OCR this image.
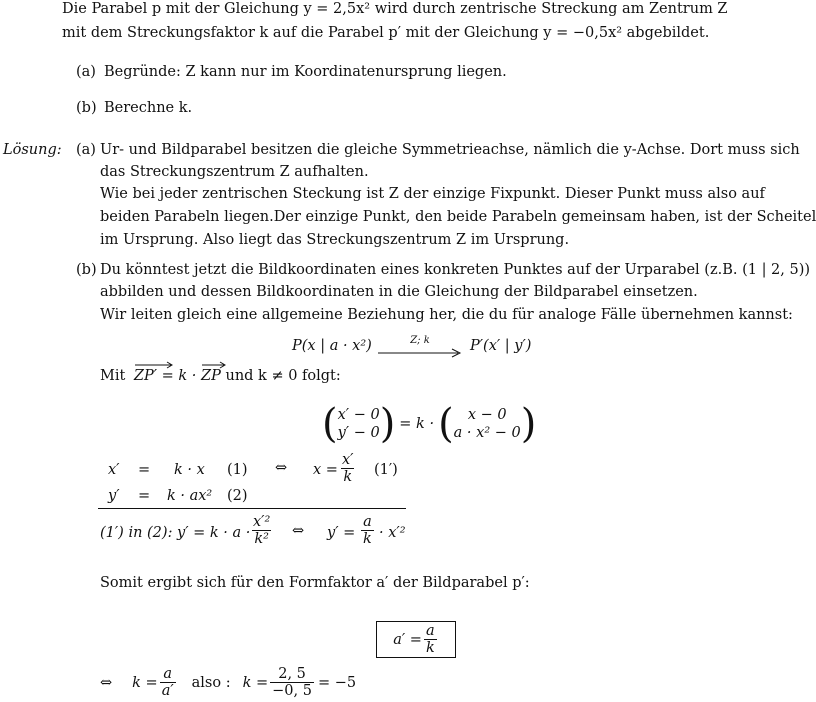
Die Parabel p mit der Gleichung y = 2,5x² wird durch zentrische Streckung am Zentrum Z
mit dem Streckungsfaktor k auf die Parabel p′ mit der Gleichung y = −0,5x² abgebildet.
(a) Begründe: Z kann nur im Koordinatenursprung liegen.
(b) Berechne k.
Lösung: (a) Ur- und Bildparabel besitzen die gleiche Symmetrieachse, nämlich die y-Achse. Dort muss sich
das Streckungszentrum Z aufhalten.
Wie bei jeder zentrischen Steckung ist Z der einzige Fixpunkt. Dieser Punkt muss also auf
beiden Parabeln liegen.Der einzige Punkt, den beide Parabeln gemeinsam haben, ist der Scheitel
im Ursprung. Also liegt das Streckungszentrum Z im Ursprung.
(b) Du könntest jetzt die Bildkoordinaten eines konkreten Punktes auf der Urparabel (z.B. (1 | 2, 5))
abbilden und dessen Bildkoordinaten in die Gleichung der Bildparabel einsetzen.
Wir leiten gleich eine allgemeine Beziehung her, die du für analoge Fälle übernehmen kannst:
P(x | a · x²)	Z; k	P′(x′ | y′)
Mit ZP′ = k · ZP und k ≠ 0 folgt:
( x′ − 0
y′ − 0 ) = k · ( x − 0
a · x² − 0 )
x′ = k · x (1) ⇔ $x = \frac{x'}{k} (1')$
y′ = k · ax² (2)
(1′) in (2): $y' = k \cdot a \cdot \frac{\text{x′²}}{\text{k²}}$ ⇔ $y' = \frac{a}{k} \cdot x'^2$
Somit ergibt sich für den Formfaktor a′ der Bildparabel p′:
$a' = \frac{a}{k}$
⇔ $k = \frac{a}{a'}$ also : $k = \frac{2, 5}{-0, 5} = -5$
